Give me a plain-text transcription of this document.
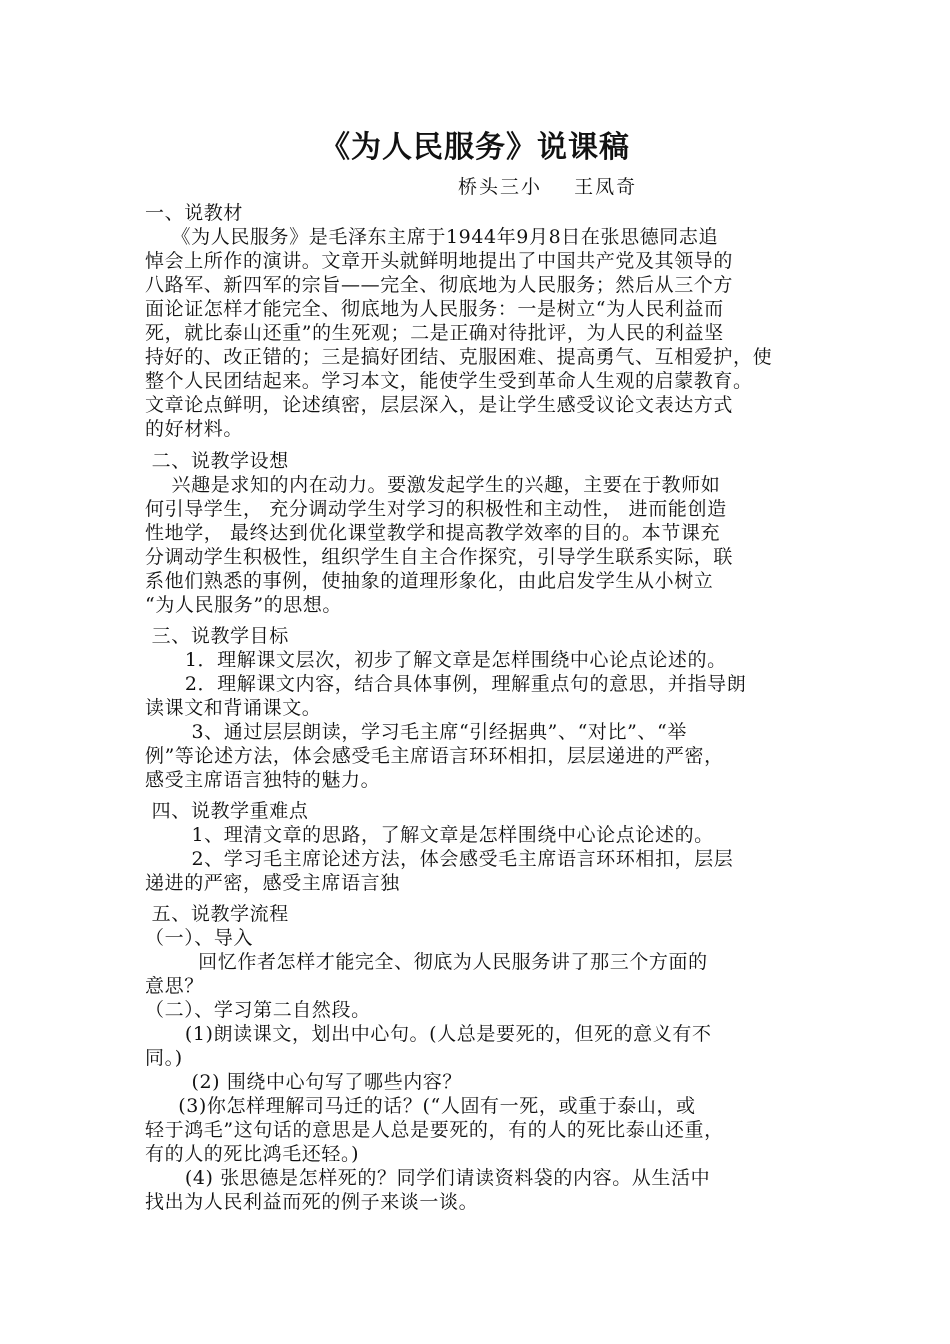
《为人民服务》说课稿
桥头三小    王凤奇
一、说教材
《为人民服务》是毛泽东主席于1944年9月8日在张思德同志追
悼会上所作的演讲。文章开头就鲜明地提出了中国共产党及其领导的
八路军、新四军的宗旨——完全、彻底地为人民服务；然后从三个方
面论证怎样才能完全、彻底地为人民服务：一是树立“为人民利益而
死，就比泰山还重”的生死观；二是正确对待批评，为人民的利益坚
持好的、改正错的；三是搞好团结、克服困难、提高勇气、互相爱护，使
整个人民团结起来。学习本文，能使学生受到革命人生观的启蒙教育。
文章论点鲜明，论述缜密，层层深入，是让学生感受议论文表达方式
的好材料。
二、说教学设想
兴趣是求知的内在动力。要激发起学生的兴趣，主要在于教师如
何引导学生， 充分调动学生对学习的积极性和主动性， 进而能创造
性地学， 最终达到优化课堂教学和提高教学效率的目的。本节课充
分调动学生积极性，组织学生自主合作探究，引导学生联系实际，联
系他们熟悉的事例，使抽象的道理形象化，由此启发学生从小树立
“为人民服务”的思想。
三、说教学目标
1．理解课文层次，初步了解文章是怎样围绕中心论点论述的。
2．理解课文内容，结合具体事例，理解重点句的意思，并指导朗
读课文和背诵课文。
3、通过层层朗读，学习毛主席“引经据典”、“对比”、“举
例”等论述方法，体会感受毛主席语言环环相扣，层层递进的严密，
感受主席语言独特的魅力。
四、说教学重难点
1、理清文章的思路，了解文章是怎样围绕中心论点论述的。
2、学习毛主席论述方法，体会感受毛主席语言环环相扣，层层
递进的严密，感受主席语言独
五、说教学流程
（一）、导入
回忆作者怎样才能完全、彻底为人民服务讲了那三个方面的
意思？
（二）、学习第二自然段。
(1)朗读课文，划出中心句。(人总是要死的，但死的意义有不
同。)
(2) 围绕中心句写了哪些内容？
(3)你怎样理解司马迁的话？(“人固有一死，或重于泰山，或
轻于鸿毛”这句话的意思是人总是要死的，有的人的死比泰山还重，
有的人的死比鸿毛还轻。)
(4) 张思德是怎样死的？同学们请读资料袋的内容。从生活中
找出为人民利益而死的例子来谈一谈。
